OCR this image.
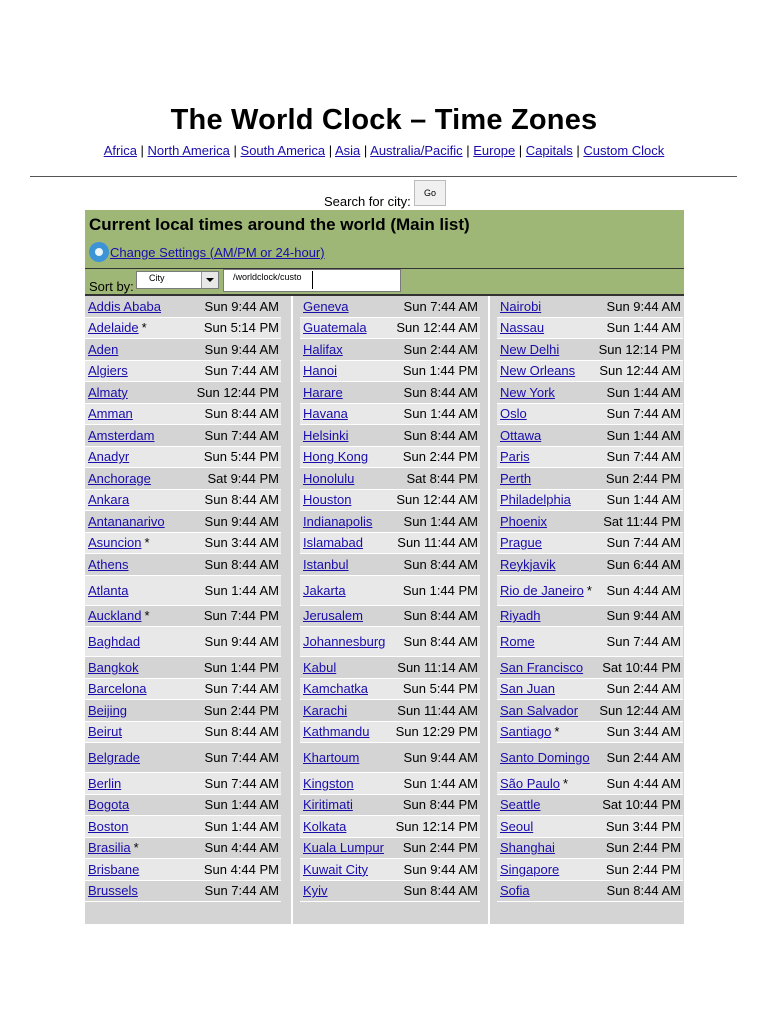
The World Clock – Time Zones
Africa | North America | South America | Asia | Australia/Pacific | Europe | Capitals | Custom Clock
Search for city:
Go
Current local times around the world (Main list)
Change Settings (AM/PM or 24-hour)
Sort by:
City	/worldclock/custo
Addis Ababa	Sun 9:44 AM
Adelaide *	Sun 5:14 PM
Aden	Sun 9:44 AM
Algiers	Sun 7:44 AM
Almaty	Sun 12:44 PM
Amman	Sun 8:44 AM
Amsterdam	Sun 7:44 AM
Anadyr	Sun 5:44 PM
Anchorage	Sat 9:44 PM
Ankara	Sun 8:44 AM
Antananarivo	Sun 9:44 AM
Asuncion *	Sun 3:44 AM
Athens	Sun 8:44 AM
Atlanta	Sun 1:44 AM
Auckland *	Sun 7:44 PM
Baghdad	Sun 9:44 AM
Bangkok	Sun 1:44 PM
Barcelona	Sun 7:44 AM
Beijing	Sun 2:44 PM
Beirut	Sun 8:44 AM
Belgrade	Sun 7:44 AM
Berlin	Sun 7:44 AM
Bogota	Sun 1:44 AM
Boston	Sun 1:44 AM
Brasilia *	Sun 4:44 AM
Brisbane	Sun 4:44 PM
Brussels	Sun 7:44 AM
Geneva	Sun 7:44 AM
Guatemala Sun 12:44 AM
Halifax	Sun 2:44 AM
Hanoi	Sun 1:44 PM
Harare	Sun 8:44 AM
Havana	Sun 1:44 AM
Helsinki	Sun 8:44 AM
Hong Kong	Sun 2:44 PM
Honolulu	Sat 8:44 PM
Houston	Sun 12:44 AM
Indianapolis Sun 1:44 AM
Islamabad	Sun 11:44 AM
Istanbul	Sun 8:44 AM
Jakarta	Sun 1:44 PM
Jerusalem	Sun 8:44 AM
Johannesburg Sun 8:44 AM
Kabul	Sun 11:14 AM
Kamchatka	Sun 5:44 PM
Karachi	Sun 11:44 AM
Kathmandu Sun 12:29 PM
Khartoum	Sun 9:44 AM
Kingston	Sun 1:44 AM
Kiritimati	Sun 8:44 PM
Kolkata	Sun 12:14 PM
Kuala Lumpur Sun 2:44 PM
Kuwait City	Sun 9:44 AM
Kyiv	Sun 8:44 AM
Nairobi	Sun 9:44 AM
Nassau	Sun 1:44 AM
New Delhi	Sun 12:14 PM
New Orleans Sun 12:44 AM
New York	Sun 1:44 AM
Oslo	Sun 7:44 AM
Ottawa	Sun 1:44 AM
Paris	Sun 7:44 AM
Perth	Sun 2:44 PM
Philadelphia	Sun 1:44 AM
Phoenix	Sat 11:44 PM
Prague	Sun 7:44 AM
Reykjavik	Sun 6:44 AM
Rio de Janeiro * Sun 4:44 AM
Riyadh	Sun 9:44 AM
Rome	Sun 7:44 AM
San Francisco Sat 10:44 PM
San Juan	Sun 2:44 AM
San Salvador Sun 12:44 AM
Santiago *	Sun 3:44 AM
Santo Domingo Sun 2:44 AM
São Paulo *	Sun 4:44 AM
Seattle	Sat 10:44 PM
Seoul	Sun 3:44 PM
Shanghai	Sun 2:44 PM
Singapore	Sun 2:44 PM
Sofia	Sun 8:44 AM
